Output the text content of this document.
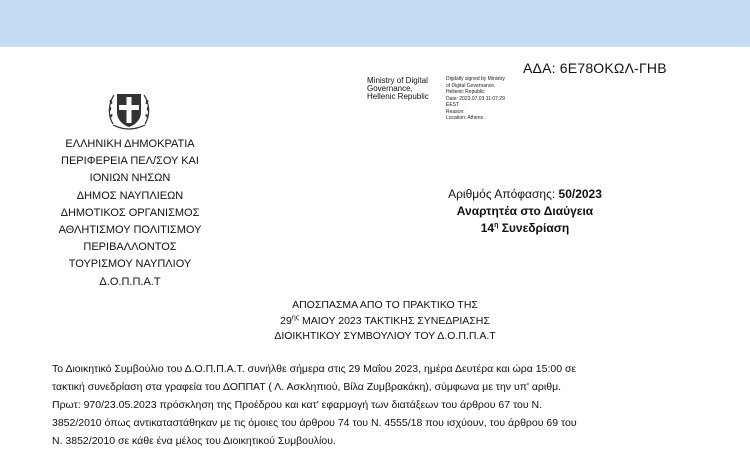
ΑΔΑ: 6Ε78ΟΚΩΛ-ΓΗΒ
Ministry of Digital
Governance,
Hellenic Republic
Digitally signed by Ministry
of Digital Governance,
Hellenic Republic
Date: 2023.07.03 11:07:29
EEST
Reason:
Location: Athens
ΕΛΛΗΝΙΚΗ ΔΗΜΟΚΡΑΤΙΑ
ΠΕΡΙΦΕΡΕΙΑ ΠΕΛ/ΣΟΥ ΚΑΙ
ΙΟΝΙΩΝ ΝΗΣΩΝ
ΔΗΜΟΣ ΝΑΥΠΛΙΕΩΝ
ΔΗΜΟΤΙΚΟΣ ΟΡΓΑΝΙΣΜΟΣ
ΑΘΛΗΤΙΣΜΟΥ ΠΟΛΙΤΙΣΜΟΥ
ΠΕΡΙΒΑΛΛΟΝΤΟΣ
ΤΟΥΡΙΣΜΟΥ ΝΑΥΠΛΙΟΥ
Δ.Ο.Π.Π.Α.Τ
Αριθμός Απόφασης: 50/2023
Αναρτητέα στο Διαύγεια
$14^\eta$ Συνεδρίαση
ΑΠΟΣΠΑΣΜΑ ΑΠΟ ΤΟ ΠΡΑΚΤΙΚΟ ΤΗΣ
$29^{\eta\varsigma}$ ΜΑΙΟΥ 2023 ΤΑΚΤΙΚΗΣ ΣΥΝΕΔΡΙΑΣΗΣ
ΔΙΟΙΚΗΤΙΚΟΥ ΣΥΜΒΟΥΛΙΟΥ ΤΟΥ Δ.Ο.Π.Π.Α.Τ
Το Διοικητικό Συμβούλιο του Δ.Ο.Π.Π.Α.Τ. συνήλθε σήμερα στις 29 Μαΐου 2023, ημέρα Δευτέρα και ώρα 15:00 σε
τακτική συνεδρίαση στα γραφεία του ΔΟΠΠΑΤ ( Λ. Ασκληπιού, Βίλα Ζυμβρακάκη), σύμφωνα με την υπ' αριθμ.
Πρωτ: 970/23.05.2023 πρόσκληση της Προέδρου και κατ' εφαρμογή των διατάξεων του άρθρου 67 του Ν.
3852/2010 όπως αντικαταστάθηκαν με τις όμοιες του άρθρου 74 του Ν. 4555/18 που ισχύουν, του άρθρου 69 του
Ν. 3852/2010 σε κάθε ένα μέλος του Διοικητικού Συμβουλίου.
